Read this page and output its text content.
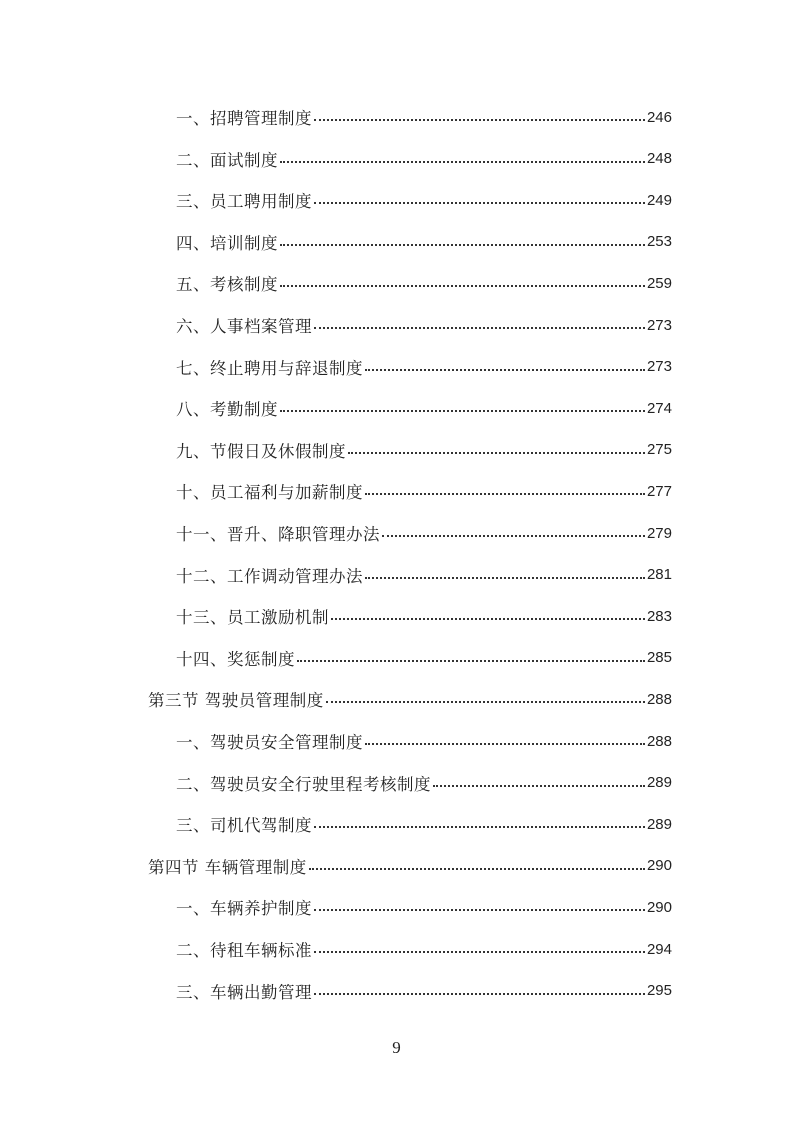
一、招聘管理制度	246
二、面试制度	248
三、员工聘用制度	249
四、培训制度	253
五、考核制度	259
六、人事档案管理	273
七、终止聘用与辞退制度	273
八、考勤制度	274
九、节假日及休假制度	275
十、员工福利与加薪制度	277
十一、晋升、降职管理办法	279
十二、工作调动管理办法	281
十三、员工激励机制	283
十四、奖惩制度	285
第三节 驾驶员管理制度	288
一、驾驶员安全管理制度	288
二、驾驶员安全行驶里程考核制度	289
三、司机代驾制度	289
第四节 车辆管理制度	290
一、车辆养护制度	290
二、待租车辆标准	294
三、车辆出勤管理	295
9
